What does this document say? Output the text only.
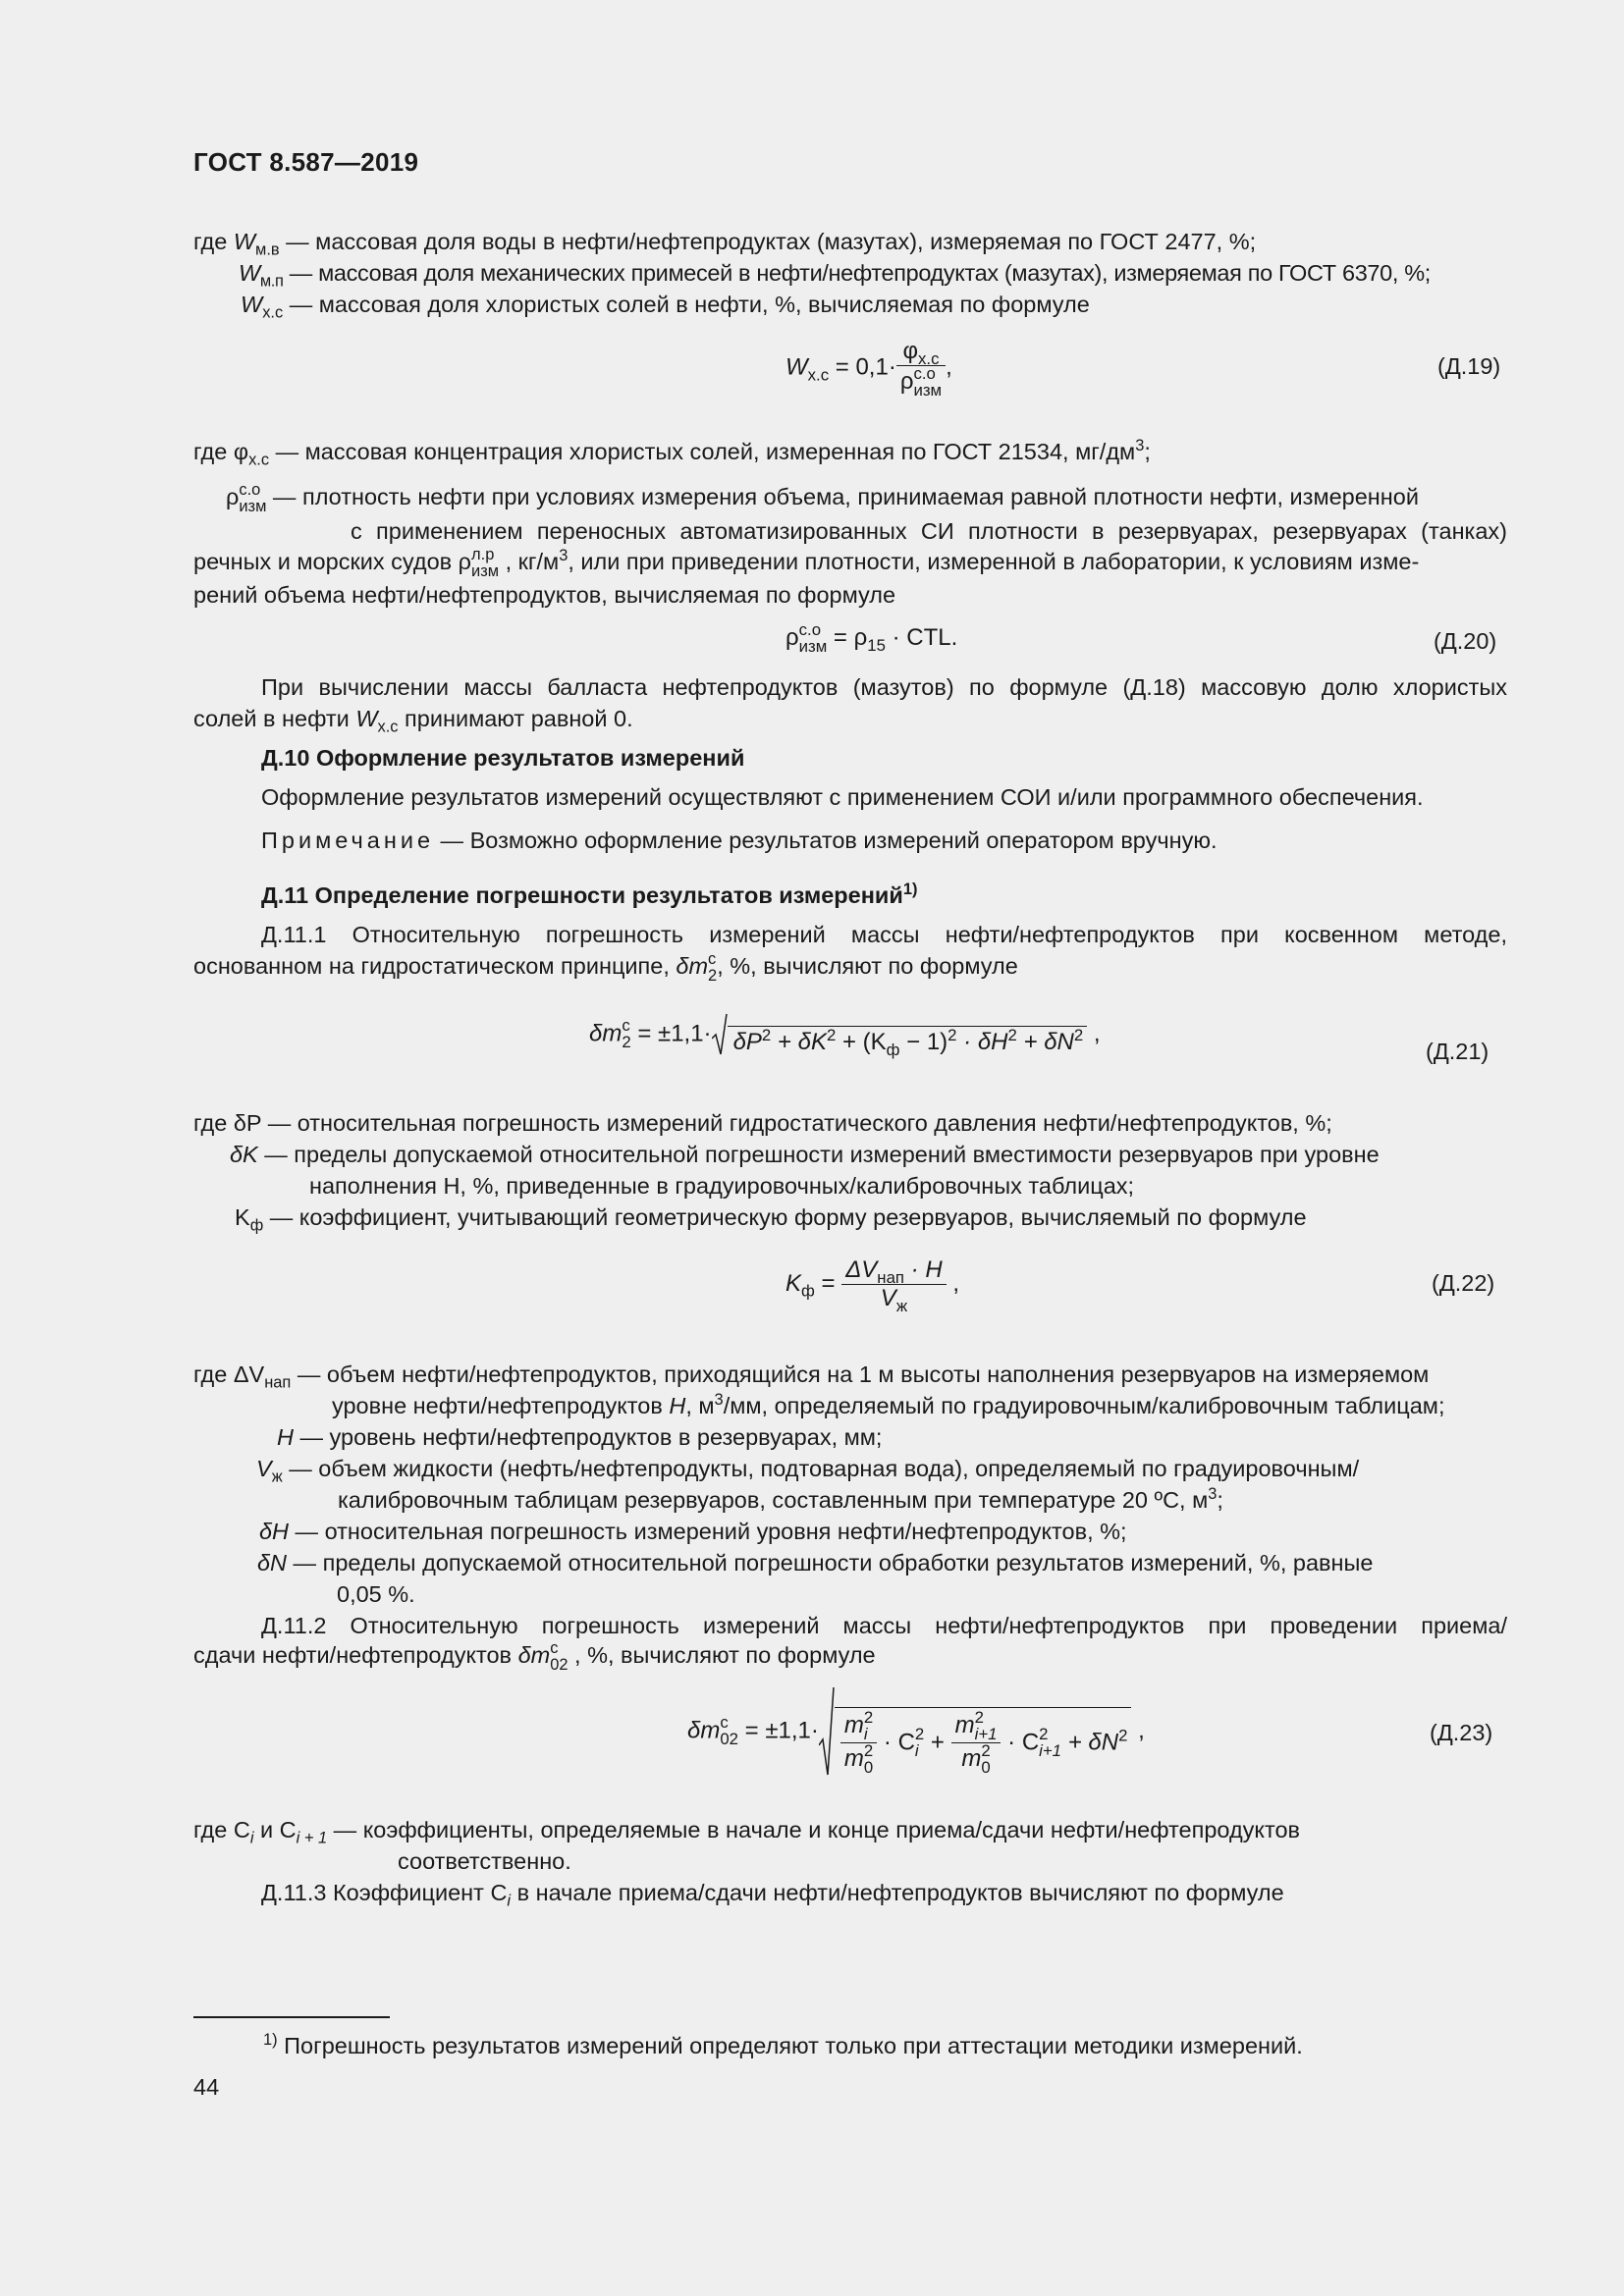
ГОСТ 8.587—2019
где $W_{м.в}$ — массовая доля воды в нефти/нефтепродуктах (мазутах), измеряемая по ГОСТ 2477, %;
$W_{м.п}$ — массовая доля механических примесей в нефти/нефтепродуктах (мазутах), измеряемая по ГОСТ 6370, %;
$W_{х.с}$ — массовая доля хлористых солей в нефти, %, вычисляемая по формуле
$W_{х.с} = 0,1\cdot \varphi_{х.с}$
ρ с.о
изм ,	(Д.19)
где $\varphi_{х.с}$ — массовая концентрация хлористых солей, измеренная по ГОСТ 21534, $мг/дм^3$;
ρ с.о
изм — плотность нефти при условиях измерения объема, принимаемая равной плотности нефти, измеренной
с применением переносных автоматизированных СИ плотности в резервуарах, резервуарах (танках)
речных и морских судов ρ л.р
изм , $кг/м^3$, или при приведении плотности, измеренной в лаборатории, к условиям изме-
рений объема нефти/нефтепродуктов, вычисляемая по формуле
ρ с.о
изм = $\rho_{15}$ · CTL.	(Д.20)
При вычислении массы балласта нефтепродуктов (мазутов) по формуле (Д.18) массовую долю хлористых
солей в нефти $W_{х.с}$ принимают равной 0.
Д.10 Оформление результатов измерений
Оформление результатов измерений осуществляют с применением СОИ и/или программного обеспечения.
Примечание — Возможно оформление результатов измерений оператором вручную.
Д.11 Определение погрешности результатов измерений$^{1)}$
Д.11.1 Относительную погрешность измерений массы нефти/нефтепродуктов при косвенном методе,
основанном на гидростатическом принципе, δm c
2 , %, вычисляют по формуле
δm c
$2 = \pm 1,1\cdot \delta P^2 + \delta K^2 + (K_ф - 1)^2 \cdot \delta H^2 + \delta N^2$ ,
(Д.21)
где δP — относительная погрешность измерений гидростатического давления нефти/нефтепродуктов, %;
δK — пределы допускаемой относительной погрешности измерений вместимости резервуаров при уровне
наполнения Н, %, приведенные в градуировочных/калибровочных таблицах;
$K_ф$ — коэффициент, учитывающий геометрическую форму резервуаров, вычисляемый по формуле
$K_ф = \frac{\Delta V_{нап} \cdot H}{V_ж}$ ,	(Д.22)
где $\Delta V_{нап}$ — объем нефти/нефтепродуктов, приходящийся на 1 м высоты наполнения резервуаров на измеряемом
уровне нефти/нефтепродуктов H, $м^3/мм$, определяемый по градуировочным/калибровочным таблицам;
H — уровень нефти/нефтепродуктов в резервуарах, мм;
$V_ж$ — объем жидкости (нефть/нефтепродукты, подтоварная вода), определяемый по градуировочным/
калибровочным таблицам резервуаров, составленным при температуре 20 ºС, $м^3$;
δH — относительная погрешность измерений уровня нефти/нефтепродуктов, %;
δN — пределы допускаемой относительной погрешности обработки результатов измерений, %, равные
0,05 %.
Д.11.2 Относительную погрешность измерений массы нефти/нефтепродуктов при проведении приема/
сдачи нефти/нефтепродуктов δm c
02 , %, вычисляют по формуле
δm c
02 = ±1,1· m 2
i
m 2
0 · C 2
i + m 2
i+1
m 2
0 · C 2
$i+1 + \delta N^2$ ,	(Д.23)
где $С_i$ и $С_{i + 1}$ — коэффициенты, определяемые в начале и конце приема/сдачи нефти/нефтепродуктов
соответственно.
Д.11.3 Коэффициент $С_i$ в начале приема/сдачи нефти/нефтепродуктов вычисляют по формуле
$^{1)}$ Погрешность результатов измерений определяют только при аттестации методики измерений.
44
